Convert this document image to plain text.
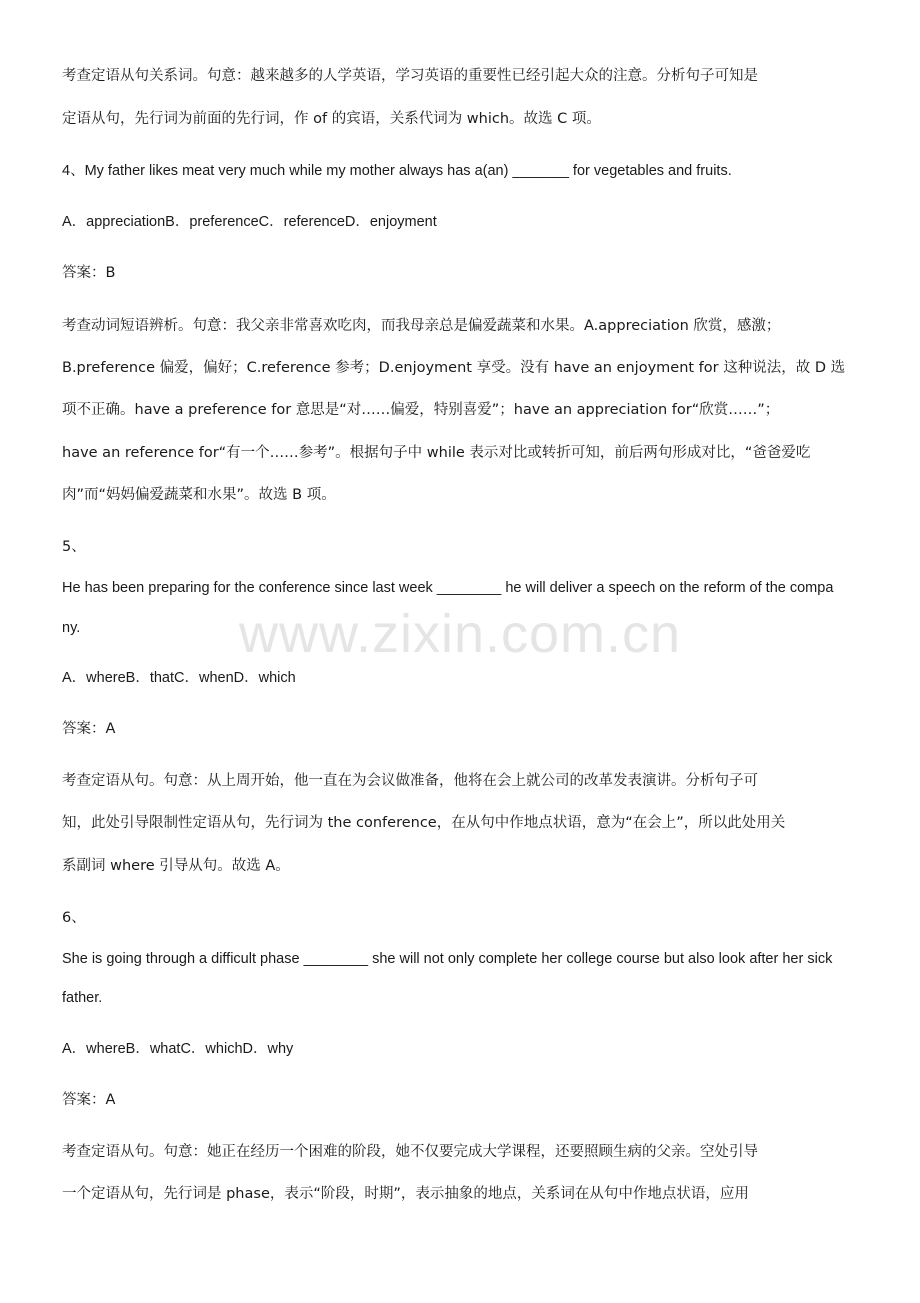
考查定语从句关系词。句意：越来越多的人学英语，学习英语的重要性已经引起大众的注意。分析句子可知是
定语从句，先行词为前面的先行词，作 of 的宾语，关系代词为 which。故选 C 项。
4、My father likes meat very much while my mother always has a(an) _______ for vegetables and fruits.
A．appreciationB．preferenceC．referenceD．enjoyment
答案：B
考查动词短语辨析。句意：我父亲非常喜欢吃肉，而我母亲总是偏爱蔬菜和水果。A.appreciation 欣赏，感激；
B.preference 偏爱，偏好；C.reference 参考；D.enjoyment 享受。没有 have an enjoyment for 这种说法，故 D 选
项不正确。have a preference for 意思是“对……偏爱，特别喜爱”；have an appreciation for“欣赏……”；
have an reference for“有一个……参考”。根据句子中 while 表示对比或转折可知，前后两句形成对比，“爸爸爱吃
肉”而“妈妈偏爱蔬菜和水果”。故选 B 项。
5、
He has been preparing for the conference since last week ________ he will deliver a speech on the reform of the compa
ny.
A．whereB．thatC．whenD．which
答案：A
考查定语从句。句意：从上周开始，他一直在为会议做准备，他将在会上就公司的改革发表演讲。分析句子可
知，此处引导限制性定语从句，先行词为 the conference，在从句中作地点状语，意为“在会上”，所以此处用关
系副词 where 引导从句。故选 A。
6、
She is going through a difficult phase ________ she will not only complete her college course but also look after her sick
father.
A．whereB．whatC．whichD．why
答案：A
考查定语从句。句意：她正在经历一个困难的阶段，她不仅要完成大学课程，还要照顾生病的父亲。空处引导
一个定语从句，先行词是 phase，表示“阶段，时期”，表示抽象的地点，关系词在从句中作地点状语，应用
www.zixin.com.cn
